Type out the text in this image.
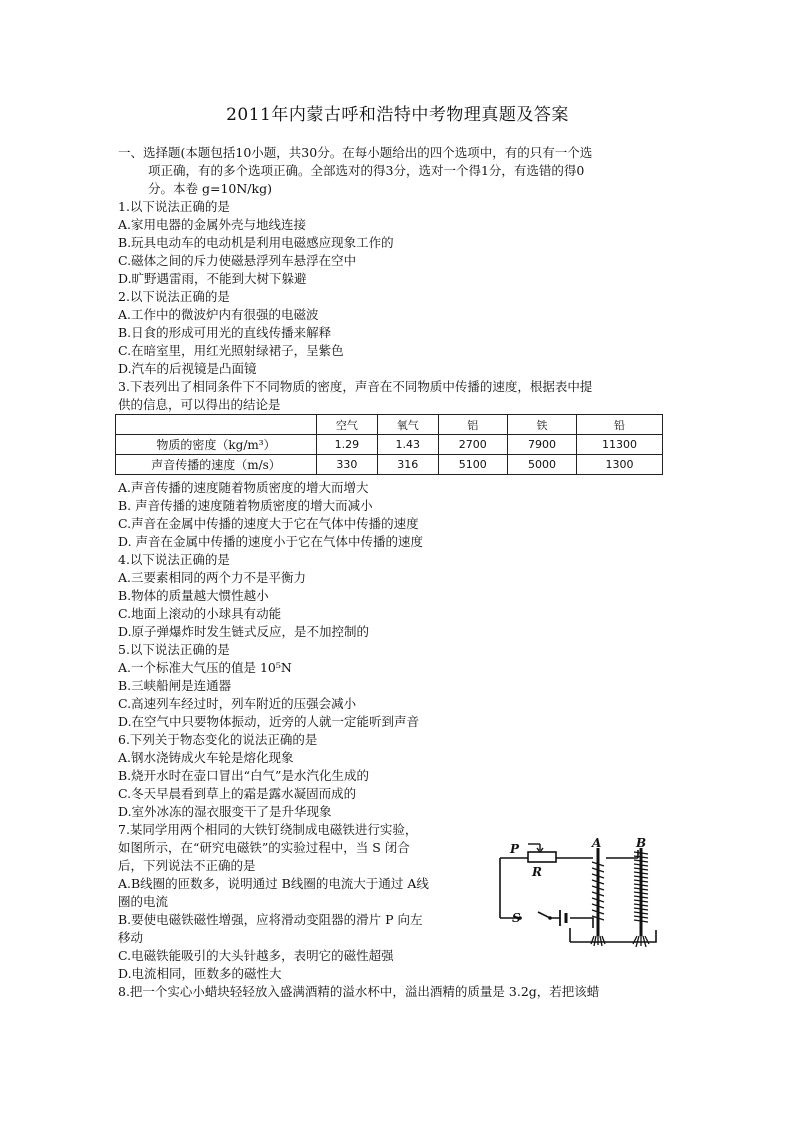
2011年内蒙古呼和浩特中考物理真题及答案
一、选择题(本题包括10小题，共30分。在每小题给出的四个选项中，有的只有一个选
项正确，有的多个选项正确。全部选对的得3分，选对一个得1分，有选错的得0
分。本卷 g=10N/kg)
1.以下说法正确的是
A.家用电器的金属外壳与地线连接
B.玩具电动车的电动机是利用电磁感应现象工作的
C.磁体之间的斥力使磁悬浮列车悬浮在空中
D.旷野遇雷雨，不能到大树下躲避
2.以下说法正确的是
A.工作中的微波炉内有很强的电磁波
B.日食的形成可用光的直线传播来解释
C.在暗室里，用红光照射绿裙子，呈紫色
D.汽车的后视镜是凸面镜
3.下表列出了相同条件下不同物质的密度，声音在不同物质中传播的速度，根据表中提
供的信息，可以得出的结论是
	空气	氧气	铝	铁	铅
物质的密度（kg/m³）	1.29	1.43	2700	7900	11300
声音传播的速度（m/s）	330	316	5100	5000	1300
A.声音传播的速度随着物质密度的增大而增大
B. 声音传播的速度随着物质密度的增大而减小
C.声音在金属中传播的速度大于它在气体中传播的速度
D. 声音在金属中传播的速度小于它在气体中传播的速度
4.以下说法正确的是
A.三要素相同的两个力不是平衡力
B.物体的质量越大惯性越小
C.地面上滚动的小球具有动能
D.原子弹爆炸时发生链式反应，是不加控制的
5.以下说法正确的是
A.一个标准大气压的值是 10⁵N
B.三峡船闸是连通器
C.高速列车经过时，列车附近的压强会减小
D.在空气中只要物体振动，近旁的人就一定能听到声音
6.下列关于物态变化的说法正确的是
A.钢水浇铸成火车轮是熔化现象
B.烧开水时在壶口冒出“白气”是水汽化生成的
C.冬天早晨看到草上的霜是露水凝固而成的
D.室外冰冻的湿衣服变干了是升华现象
7.某同学用两个相同的大铁钉绕制成电磁铁进行实验，
如图所示，在“研究电磁铁”的实验过程中，当 S 闭合
后，下列说法不正确的是
A.B线圈的匝数多，说明通过 B线圈的电流大于通过 A线
圈的电流
B.要使电磁铁磁性增强，应将滑动变阻器的滑片 P 向左
移动
C.电磁铁能吸引的大头针越多，表明它的磁性超强
D.电流相同，匝数多的磁性大
8.把一个实心小蜡块轻轻放入盛满酒精的溢水杯中，溢出酒精的质量是 3.2g，若把该蜡
P
R
S
A	B
